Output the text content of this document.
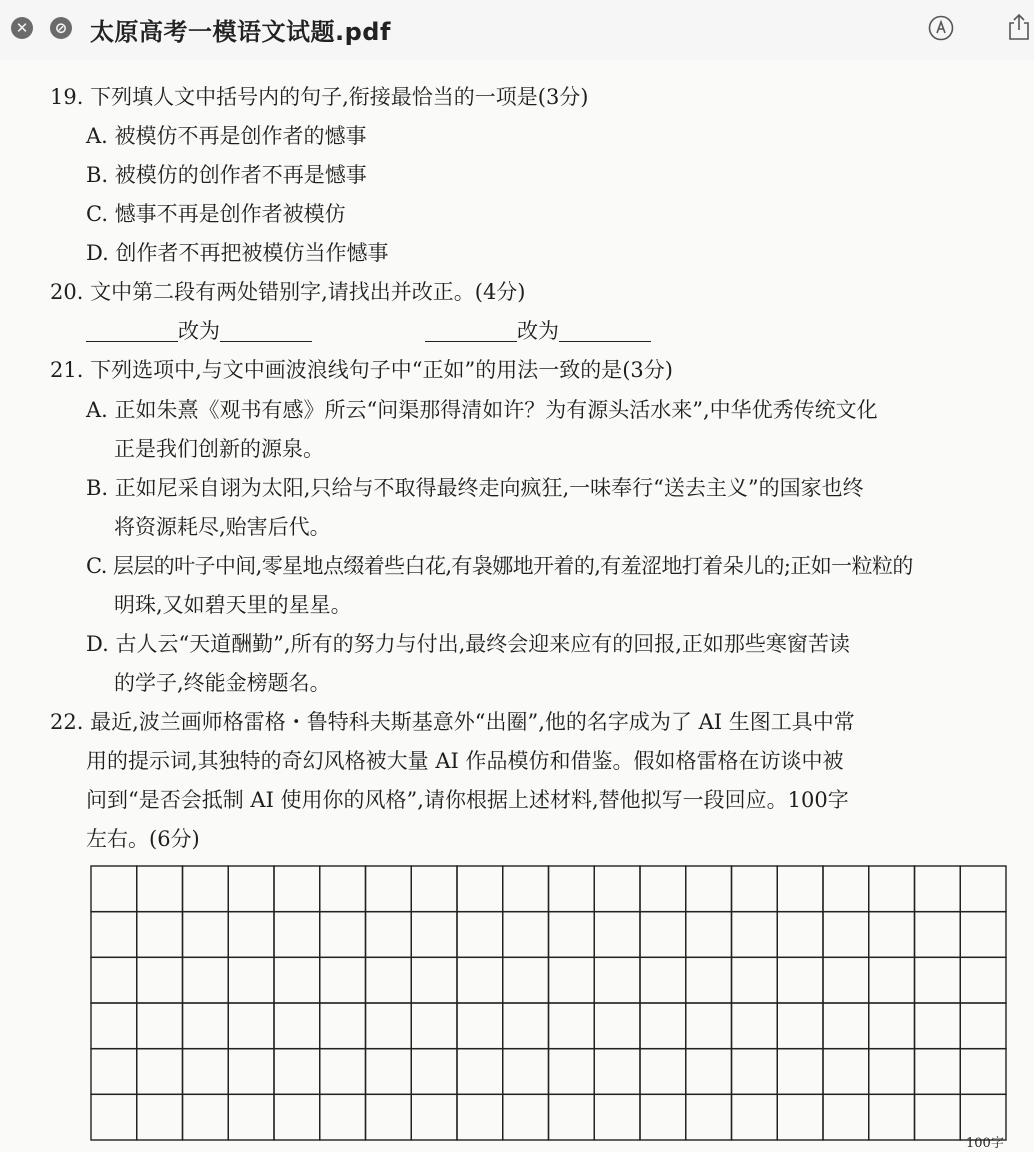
✕	⊘ 太原高考一模语文试题.pdf
19. 下列填人文中括号内的句子,衔接最恰当的一项是(3分)
A. 被模仿不再是创作者的憾事
B. 被模仿的创作者不再是憾事
C. 憾事不再是创作者被模仿
D. 创作者不再把被模仿当作憾事
20. 文中第二段有两处错别字,请找出并改正。(4分)
改为	改为
21. 下列选项中,与文中画波浪线句子中“正如”的用法一致的是(3分)
A. 正如朱熹《观书有感》所云“问渠那得清如许？为有源头活水来”,中华优秀传统文化
正是我们创新的源泉。
B. 正如尼采自诩为太阳,只给与不取得最终走向疯狂,一味奉行“送去主义”的国家也终
将资源耗尽,贻害后代。
C. 层层的叶子中间,零星地点缀着些白花,有袅娜地开着的,有羞涩地打着朵儿的;正如一粒粒的
明珠,又如碧天里的星星。
D. 古人云“天道酬勤”,所有的努力与付出,最终会迎来应有的回报,正如那些寒窗苦读
的学子,终能金榜题名。
22. 最近,波兰画师格雷格・鲁特科夫斯基意外“出圈”,他的名字成为了 AI 生图工具中常
用的提示词,其独特的奇幻风格被大量 AI 作品模仿和借鉴。假如格雷格在访谈中被
问到“是否会抵制 AI 使用你的风格”,请你根据上述材料,替他拟写一段回应。100字
左右。(6分)
100字
